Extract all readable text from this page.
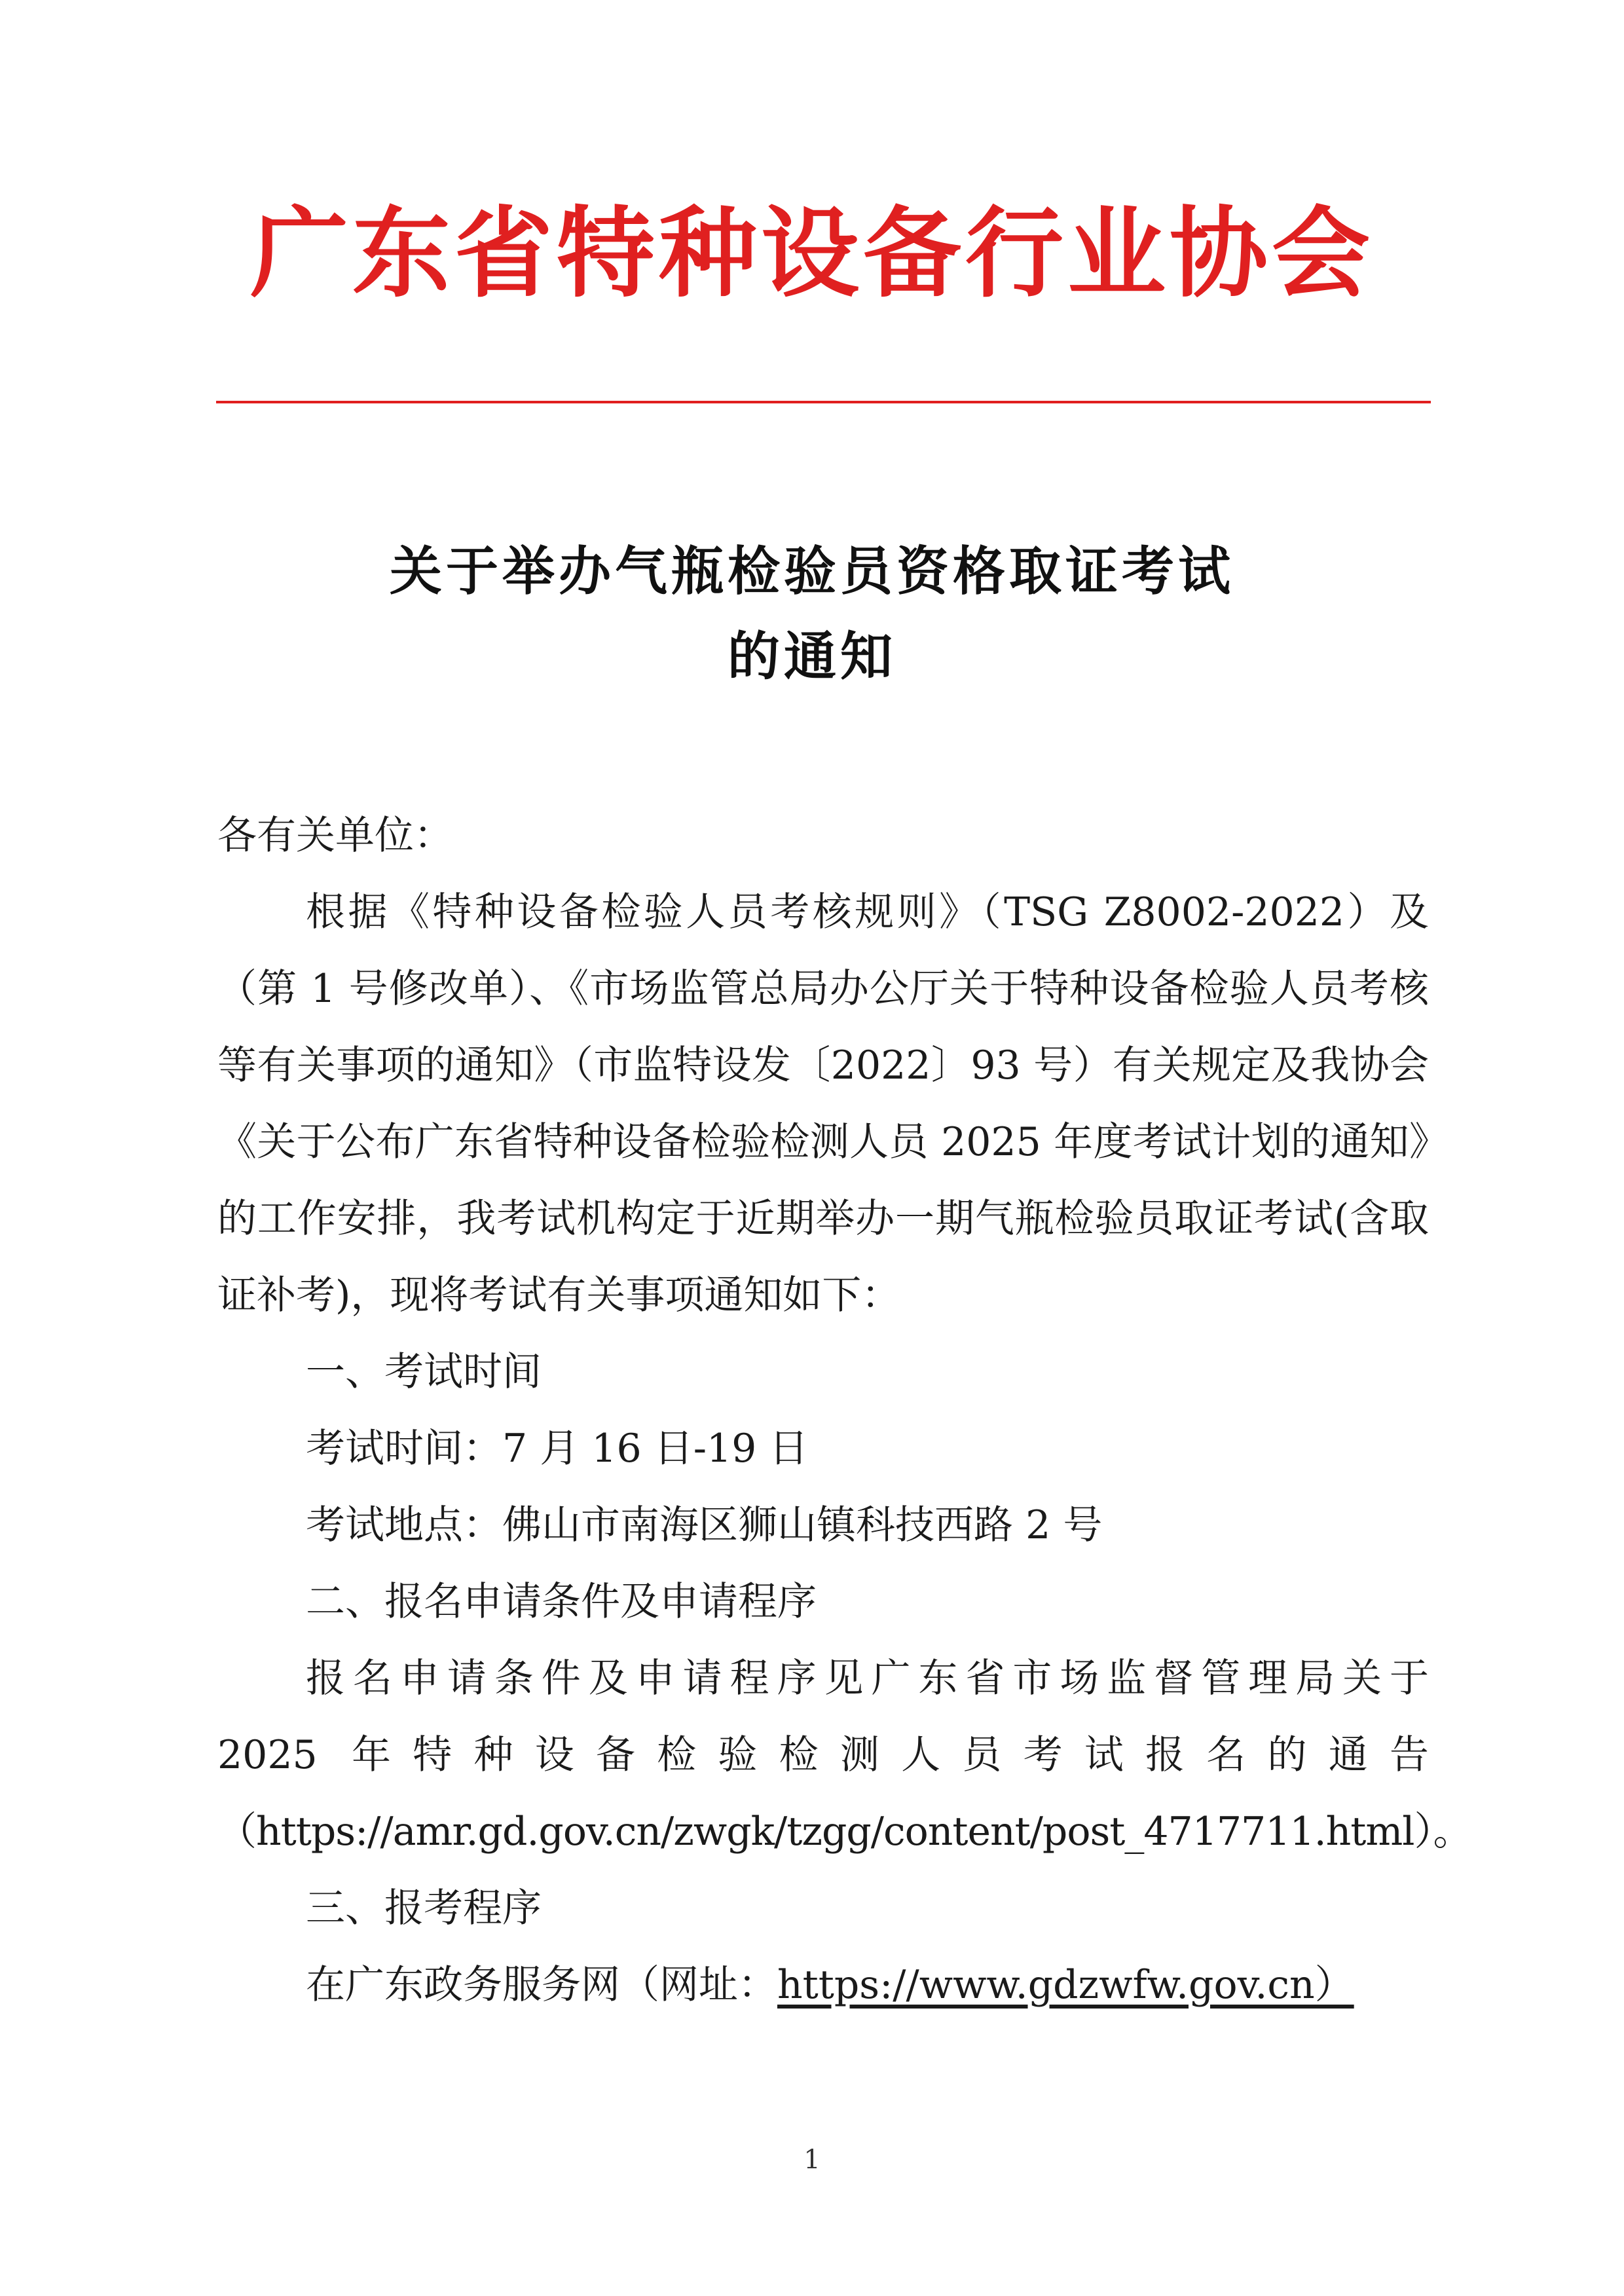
广东省特种设备行业协会
关于举办气瓶检验员资格取证考试
的通知

各有关单位：

根据《特种设备检验人员考核规则》（TSG Z8002-2022）及（第 1 号修改单）、《市场监管总局办公厅关于特种设备检验人员考核等有关事项的通知》（市监特设发〔2022〕93 号）有关规定及我协会《关于公布广东省特种设备检验检测人员 2025 年度考试计划的通知》的工作安排，我考试机构定于近期举办一期气瓶检验员取证考试(含取证补考)，现将考试有关事项通知如下：

一、考试时间

考试时间：7 月 16 日-19 日

考试地点：佛山市南海区狮山镇科技西路 2 号

二、报名申请条件及申请程序

报名申请条件及申请程序见广东省市场监督管理局关于

2025 年特种设备检验检测人员考试报名的通告

（https://amr.gd.gov.cn/zwgk/tzgg/content/post_4717711.html）。

三、报考程序

在广东政务服务网（网址：https://www.gdzwfw.gov.cn）

1
